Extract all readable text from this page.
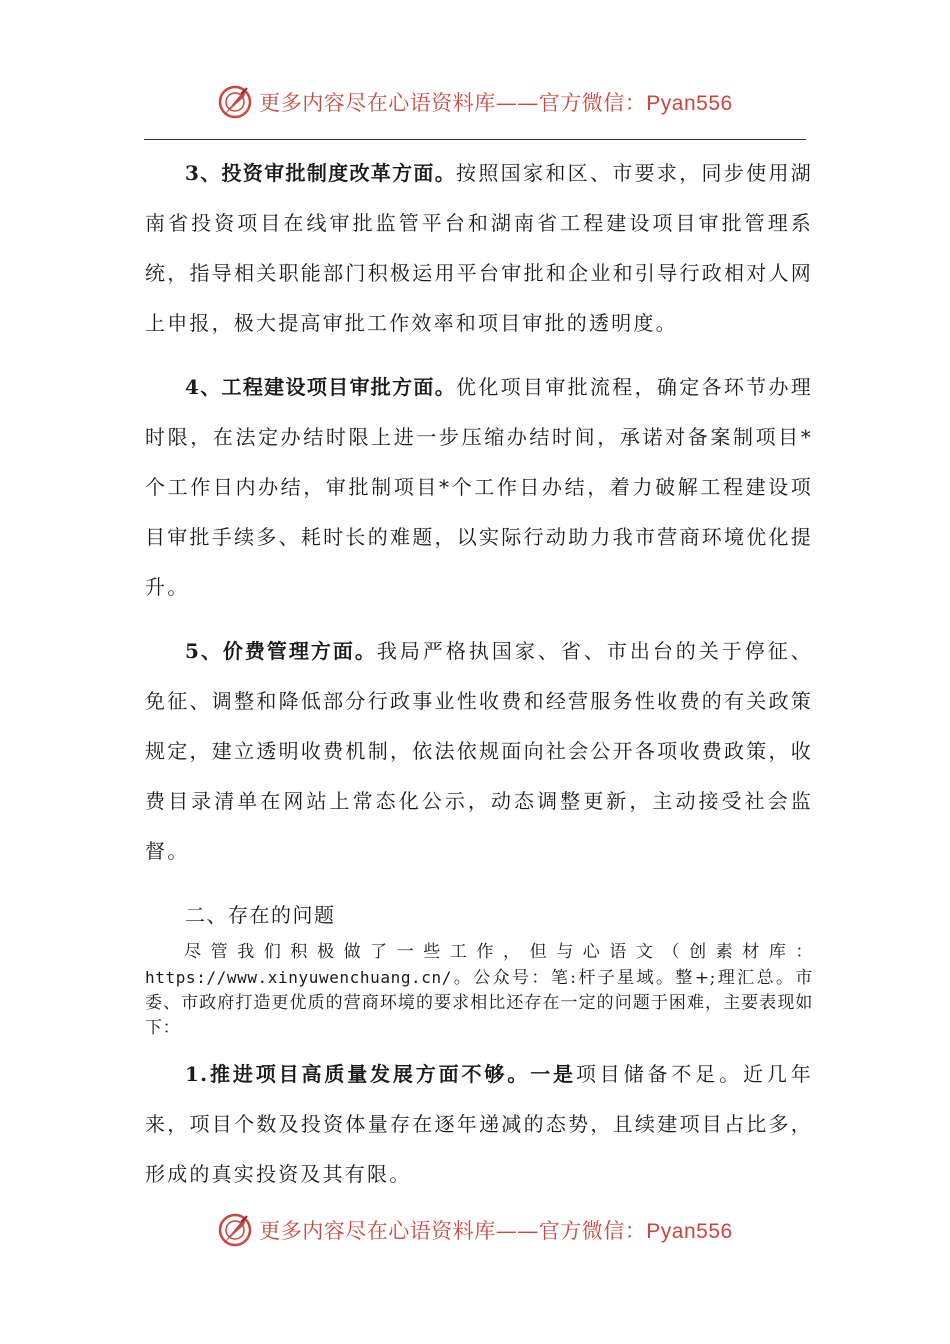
更多内容尽在心语资料库——官方微信：Pyan556

3、投资审批制度改革方面。按照国家和区、市要求，同步使用湖南省投资项目在线审批监管平台和湖南省工程建设项目审批管理系统，指导相关职能部门积极运用平台审批和企业和引导行政相对人网上申报，极大提高审批工作效率和项目审批的透明度。

4、工程建设项目审批方面。优化项目审批流程，确定各环节办理时限，在法定办结时限上进一步压缩办结时间，承诺对备案制项目*个工作日内办结，审批制项目*个工作日办结，着力破解工程建设项目审批手续多、耗时长的难题，以实际行动助力我市营商环境优化提升。

5、价费管理方面。我局严格执国家、省、市出台的关于停征、免征、调整和降低部分行政事业性收费和经营服务性收费的有关政策规定，建立透明收费机制，依法依规面向社会公开各项收费政策，收费目录清单在网站上常态化公示，动态调整更新，主动接受社会监督。

二、存在的问题

尽管我们积极做了一些工作，但与心语文（创素材库：https://www.xinyuwenchuang.cn/。公众号：笔:杆子星域。整+;理汇总。市委、市政府打造更优质的营商环境的要求相比还存在一定的问题于困难，主要表现如下：

1.推进项目高质量发展方面不够。一是项目储备不足。近几年来，项目个数及投资体量存在逐年递减的态势，且续建项目占比多，形成的真实投资及其有限。

更多内容尽在心语资料库——官方微信：Pyan556
